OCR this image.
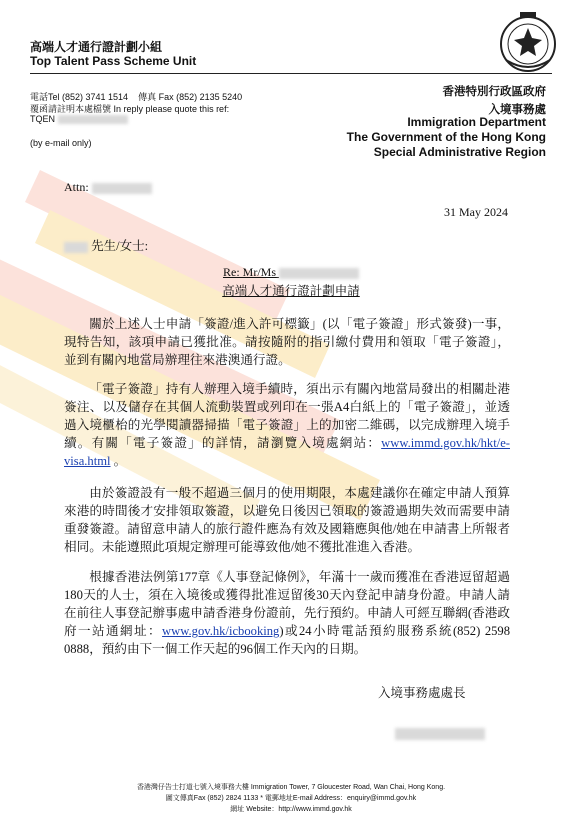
高端人才通行證計劃小組
Top Talent Pass Scheme Unit
電話Tel (852) 3741 1514 傳真 Fax (852) 2135 5240
覆函請註明本處檔號 In reply please quote this ref:
TQEN
(by e-mail only)
香港特別行政區政府
入境事務處
Immigration Department
The Government of the Hong Kong
Special Administrative Region
Attn:
31 May 2024
先生/女士:
Re: Mr/Ms
高端人才通行證計劃申請
關於上述人士申請「簽證/進入許可標籤」(以「電子簽證」形式簽發)一事，現特告知，該項申請已獲批准。請按隨附的指引繳付費用和領取「電子簽證」，並到有關內地當局辦理往來港澳通行證。
「電子簽證」持有人辦理入境手續時，須出示有關內地當局發出的相關赴港簽注、以及儲存在其個人流動裝置或列印在一張A4白紙上的「電子簽證」，並透過入境櫃枱的光學閱讀器掃描「電子簽證」上的加密二維碼，以完成辦理入境手續。有關「電子簽證」的詳情，請瀏覽入境處網站：www.immd.gov.hk/hkt/e-visa.html 。
由於簽證設有一般不超過三個月的使用期限，本處建議你在確定申請人預算來港的時間後才安排領取簽證，以避免日後因已領取的簽證過期失效而需要申請重發簽證。請留意申請人的旅行證件應為有效及國籍應與他/她在申請書上所報者相同。未能遵照此項規定辦理可能導致他/她不獲批准進入香港。
根據香港法例第177章《人事登記條例》，年滿十一歲而獲准在香港逗留超過180天的人士，須在入境後或獲得批准逗留後30天內登記申請身份證。申請人請在前往人事登記辦事處申請香港身份證前，先行預約。申請人可經互聯網(香港政府一站通網址：www.gov.hk/icbooking)或24小時電話預約服務系統(852) 2598 0888，預約由下一個工作天起的96個工作天內的日期。
入境事務處處長
香港灣仔告士打道七號入境事務大樓 Immigration Tower, 7 Gloucester Road, Wan Chai, Hong Kong.
圖文傳真Fax (852) 2824 1133 * 電郵地址E-mail Address：enquiry@immd.gov.hk
網址 Website：http://www.immd.gov.hk
